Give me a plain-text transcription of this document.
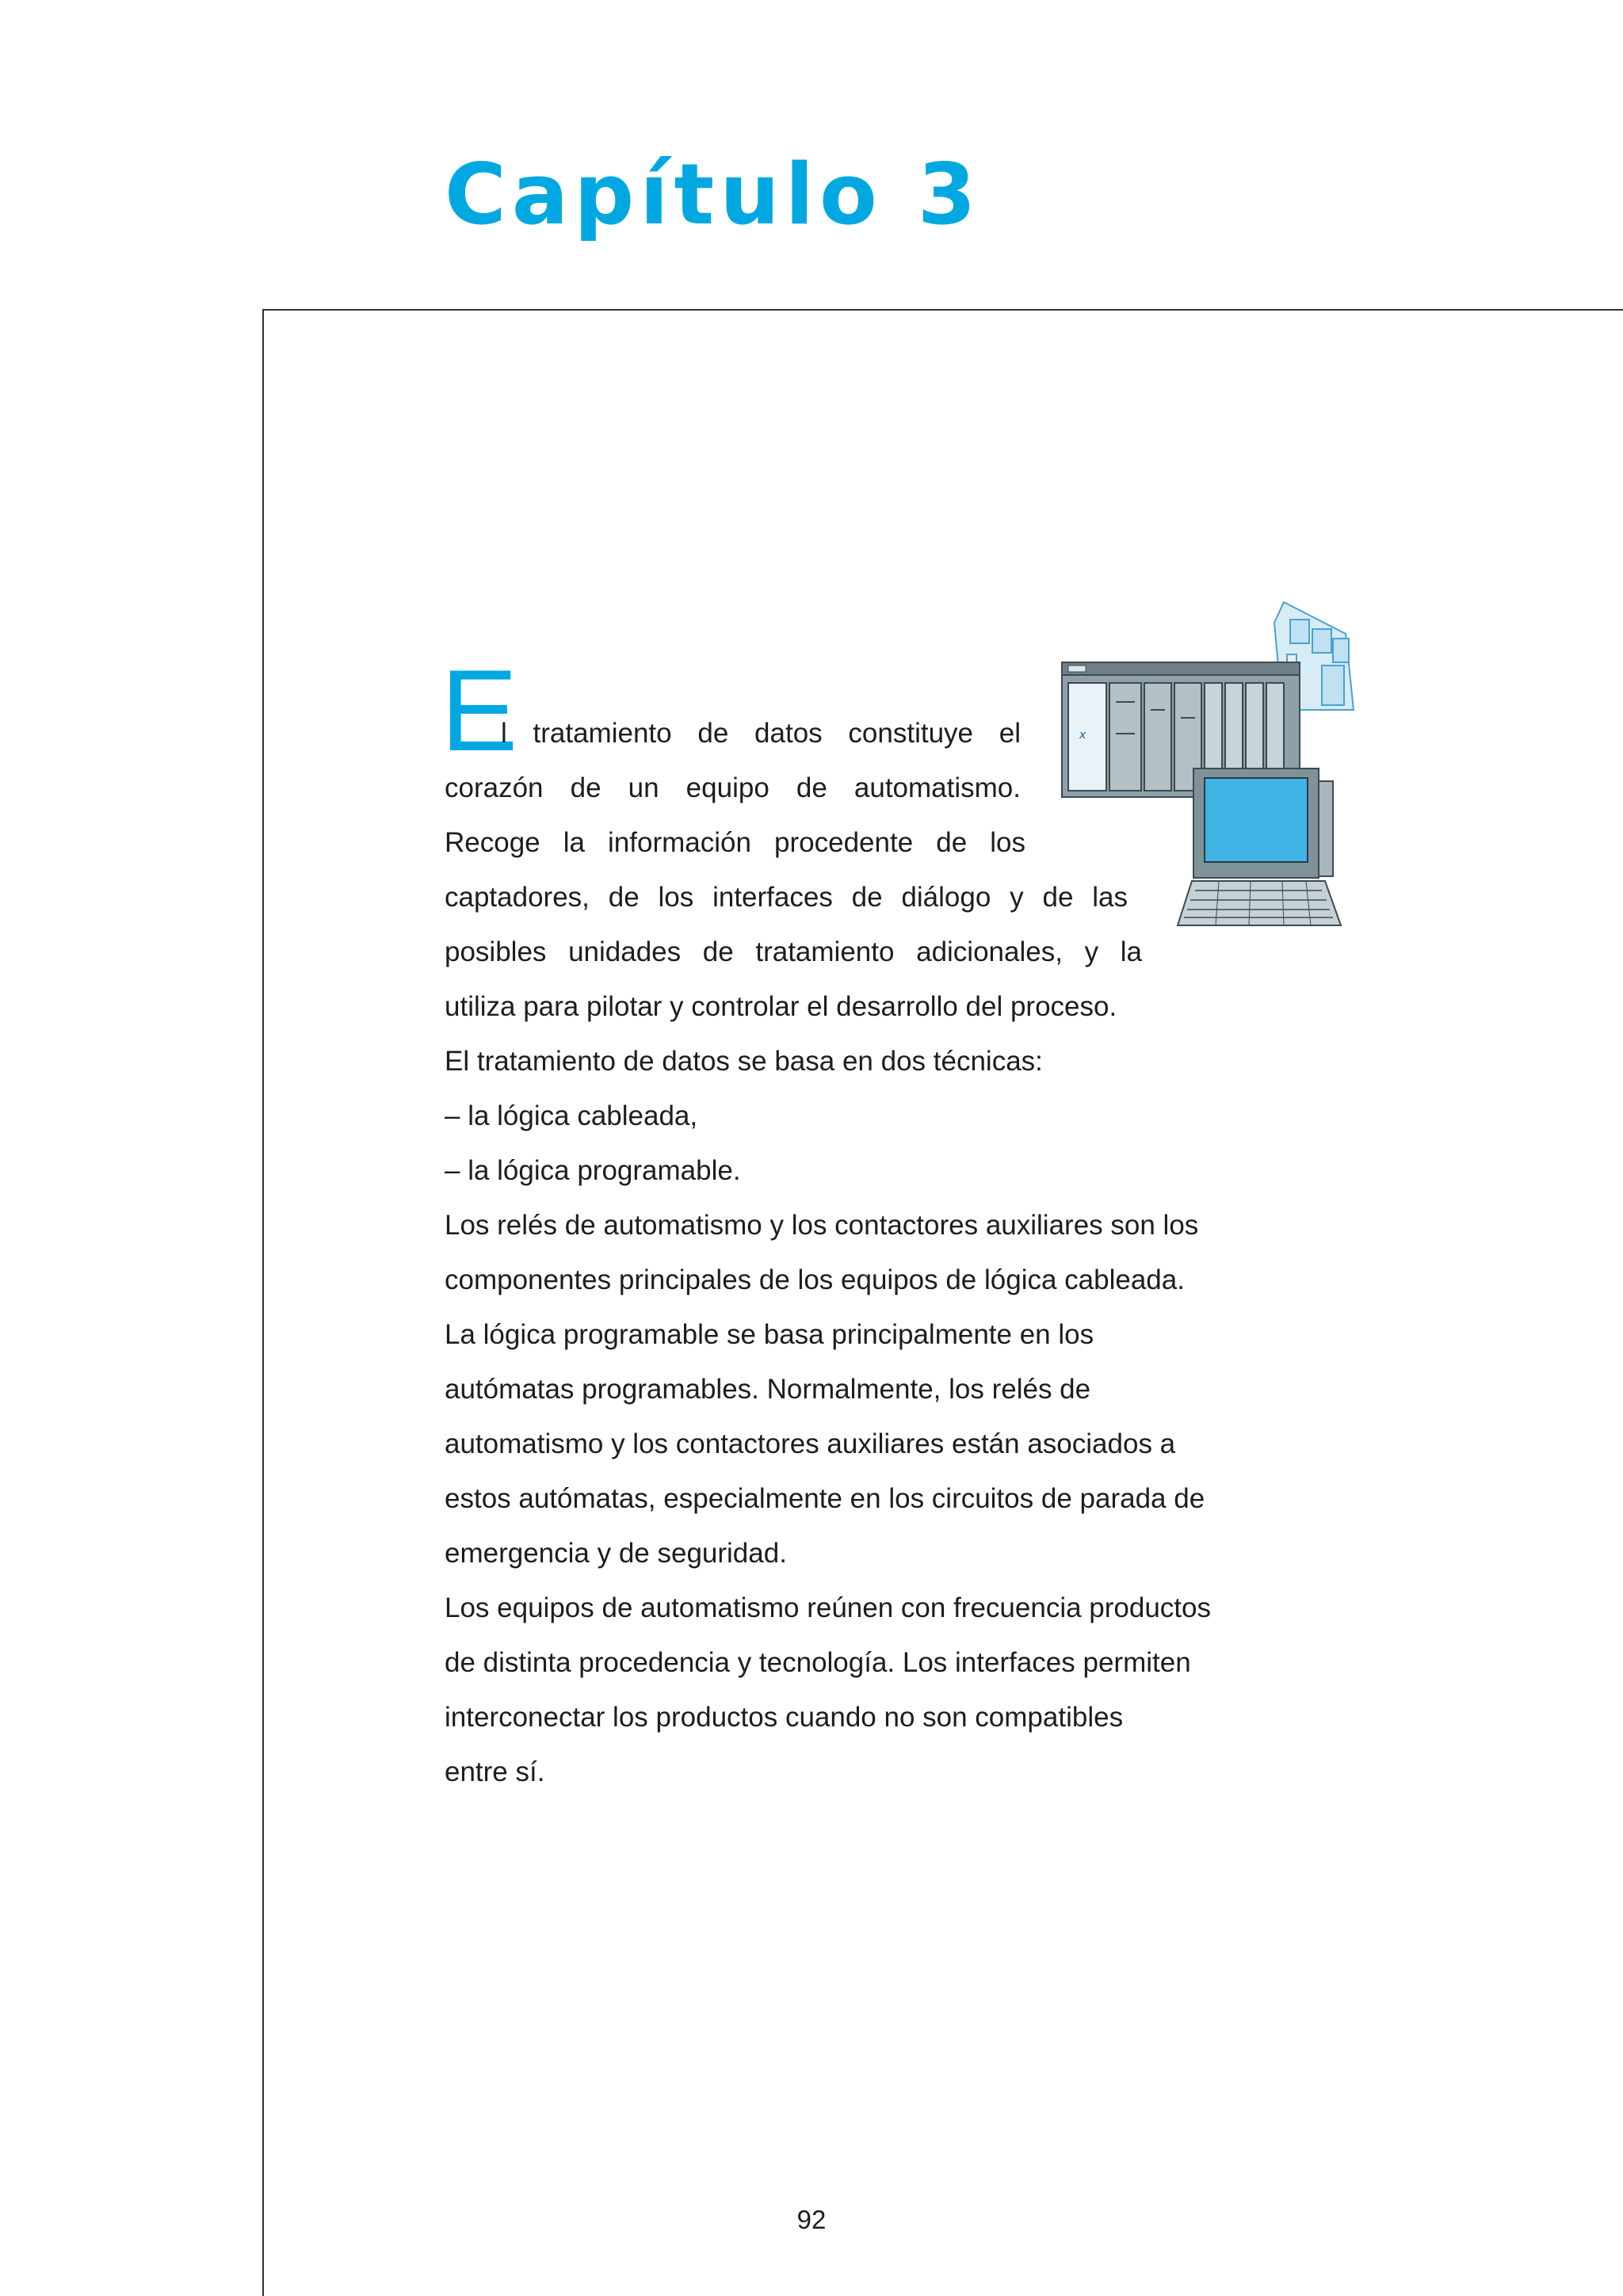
Capítulo 3

E

l tratamiento de datos constituye el

corazón de un equipo de automatismo.

Recoge la información procedente de los

captadores, de los interfaces de diálogo y de las

posibles unidades de tratamiento adicionales, y la

utiliza para pilotar y controlar el desarrollo del proceso.

El tratamiento de datos se basa en dos técnicas:

– la lógica cableada,

– la lógica programable.

Los relés de automatismo y los contactores auxiliares son los

componentes principales de los equipos de lógica cableada.

La lógica programable se basa principalmente en los

autómatas programables. Normalmente, los relés de

automatismo y los contactores auxiliares están asociados a

estos autómatas, especialmente en los circuitos de parada de

emergencia y de seguridad.

Los equipos de automatismo reúnen con frecuencia productos

de distinta procedencia y tecnología. Los interfaces permiten

interconectar los productos cuando no son compatibles

entre sí.

x

92
